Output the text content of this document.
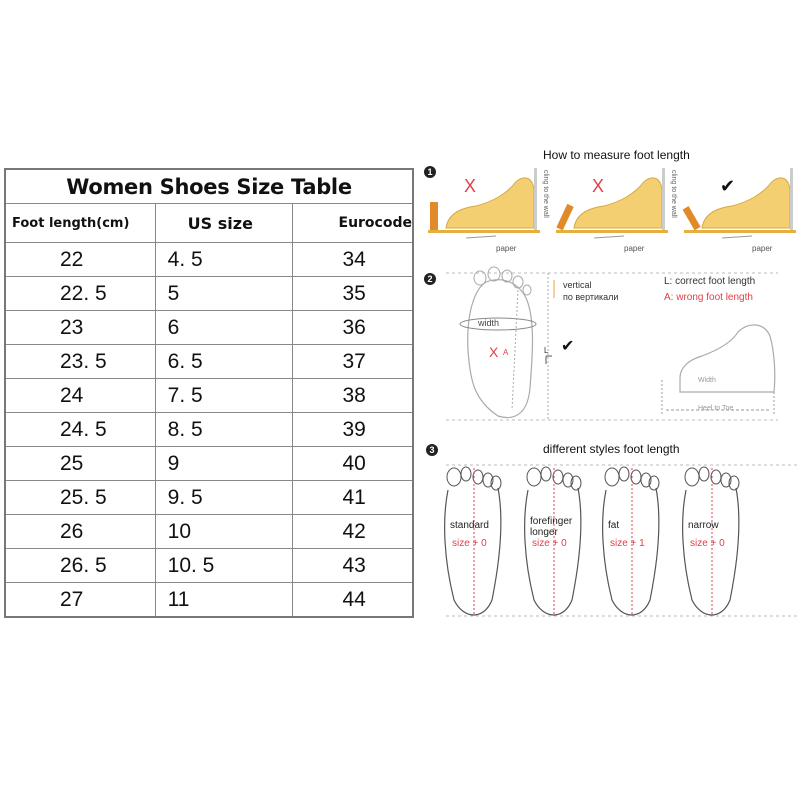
Women Shoes Size Table		
Foot length(cm)	US size	Eurocode
22	4. 5	34
22. 5	5	35
23	6	36
23. 5	6. 5	37
24	7. 5	38
24. 5	8. 5	39
25	9	40
25. 5	9. 5	41
26	10	42
26. 5	10. 5	43
27	11	44
How to measure foot length
1
X
paper
cling to the wall X
paper
cling to the wall ✔
paper
2
width
X A
vertical
по вертикали
L ✔
L: correct foot length
A: wrong foot length
Width
Heel to Toe
3	different styles foot length
standard
size + 0
forefinger
longer
size + 0
fat
size + 1
narrow
size + 0
